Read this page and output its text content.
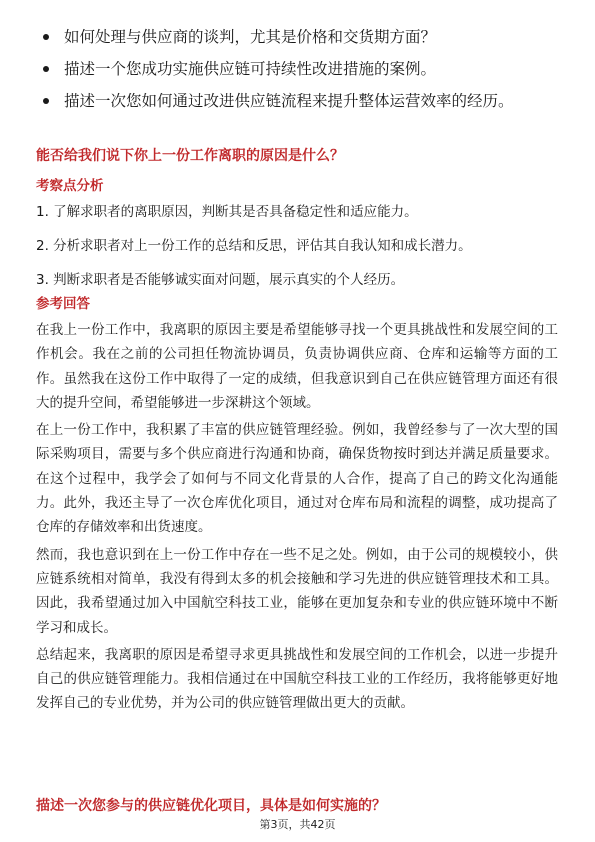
如何处理与供应商的谈判，尤其是价格和交货期方面？
描述一个您成功实施供应链可持续性改进措施的案例。
描述一次您如何通过改进供应链流程来提升整体运营效率的经历。
能否给我们说下你上一份工作离职的原因是什么？
考察点分析
1. 了解求职者的离职原因，判断其是否具备稳定性和适应能力。
2. 分析求职者对上一份工作的总结和反思，评估其自我认知和成长潜力。
3. 判断求职者是否能够诚实面对问题，展示真实的个人经历。
参考回答

在我上一份工作中，我离职的原因主要是希望能够寻找一个更具挑战性和发展空间的工作机会。我在之前的公司担任物流协调员，负责协调供应商、仓库和运输等方面的工作。虽然我在这份工作中取得了一定的成绩，但我意识到自己在供应链管理方面还有很大的提升空间，希望能够进一步深耕这个领域。

在上一份工作中，我积累了丰富的供应链管理经验。例如，我曾经参与了一次大型的国际采购项目，需要与多个供应商进行沟通和协商，确保货物按时到达并满足质量要求。在这个过程中，我学会了如何与不同文化背景的人合作，提高了自己的跨文化沟通能力。此外，我还主导了一次仓库优化项目，通过对仓库布局和流程的调整，成功提高了仓库的存储效率和出货速度。

然而，我也意识到在上一份工作中存在一些不足之处。例如，由于公司的规模较小，供应链系统相对简单，我没有得到太多的机会接触和学习先进的供应链管理技术和工具。因此，我希望通过加入中国航空科技工业，能够在更加复杂和专业的供应链环境中不断学习和成长。

总结起来，我离职的原因是希望寻求更具挑战性和发展空间的工作机会，以进一步提升自己的供应链管理能力。我相信通过在中国航空科技工业的工作经历，我将能够更好地发挥自己的专业优势，并为公司的供应链管理做出更大的贡献。

描述一次您参与的供应链优化项目，具体是如何实施的？
第3页，共42页
